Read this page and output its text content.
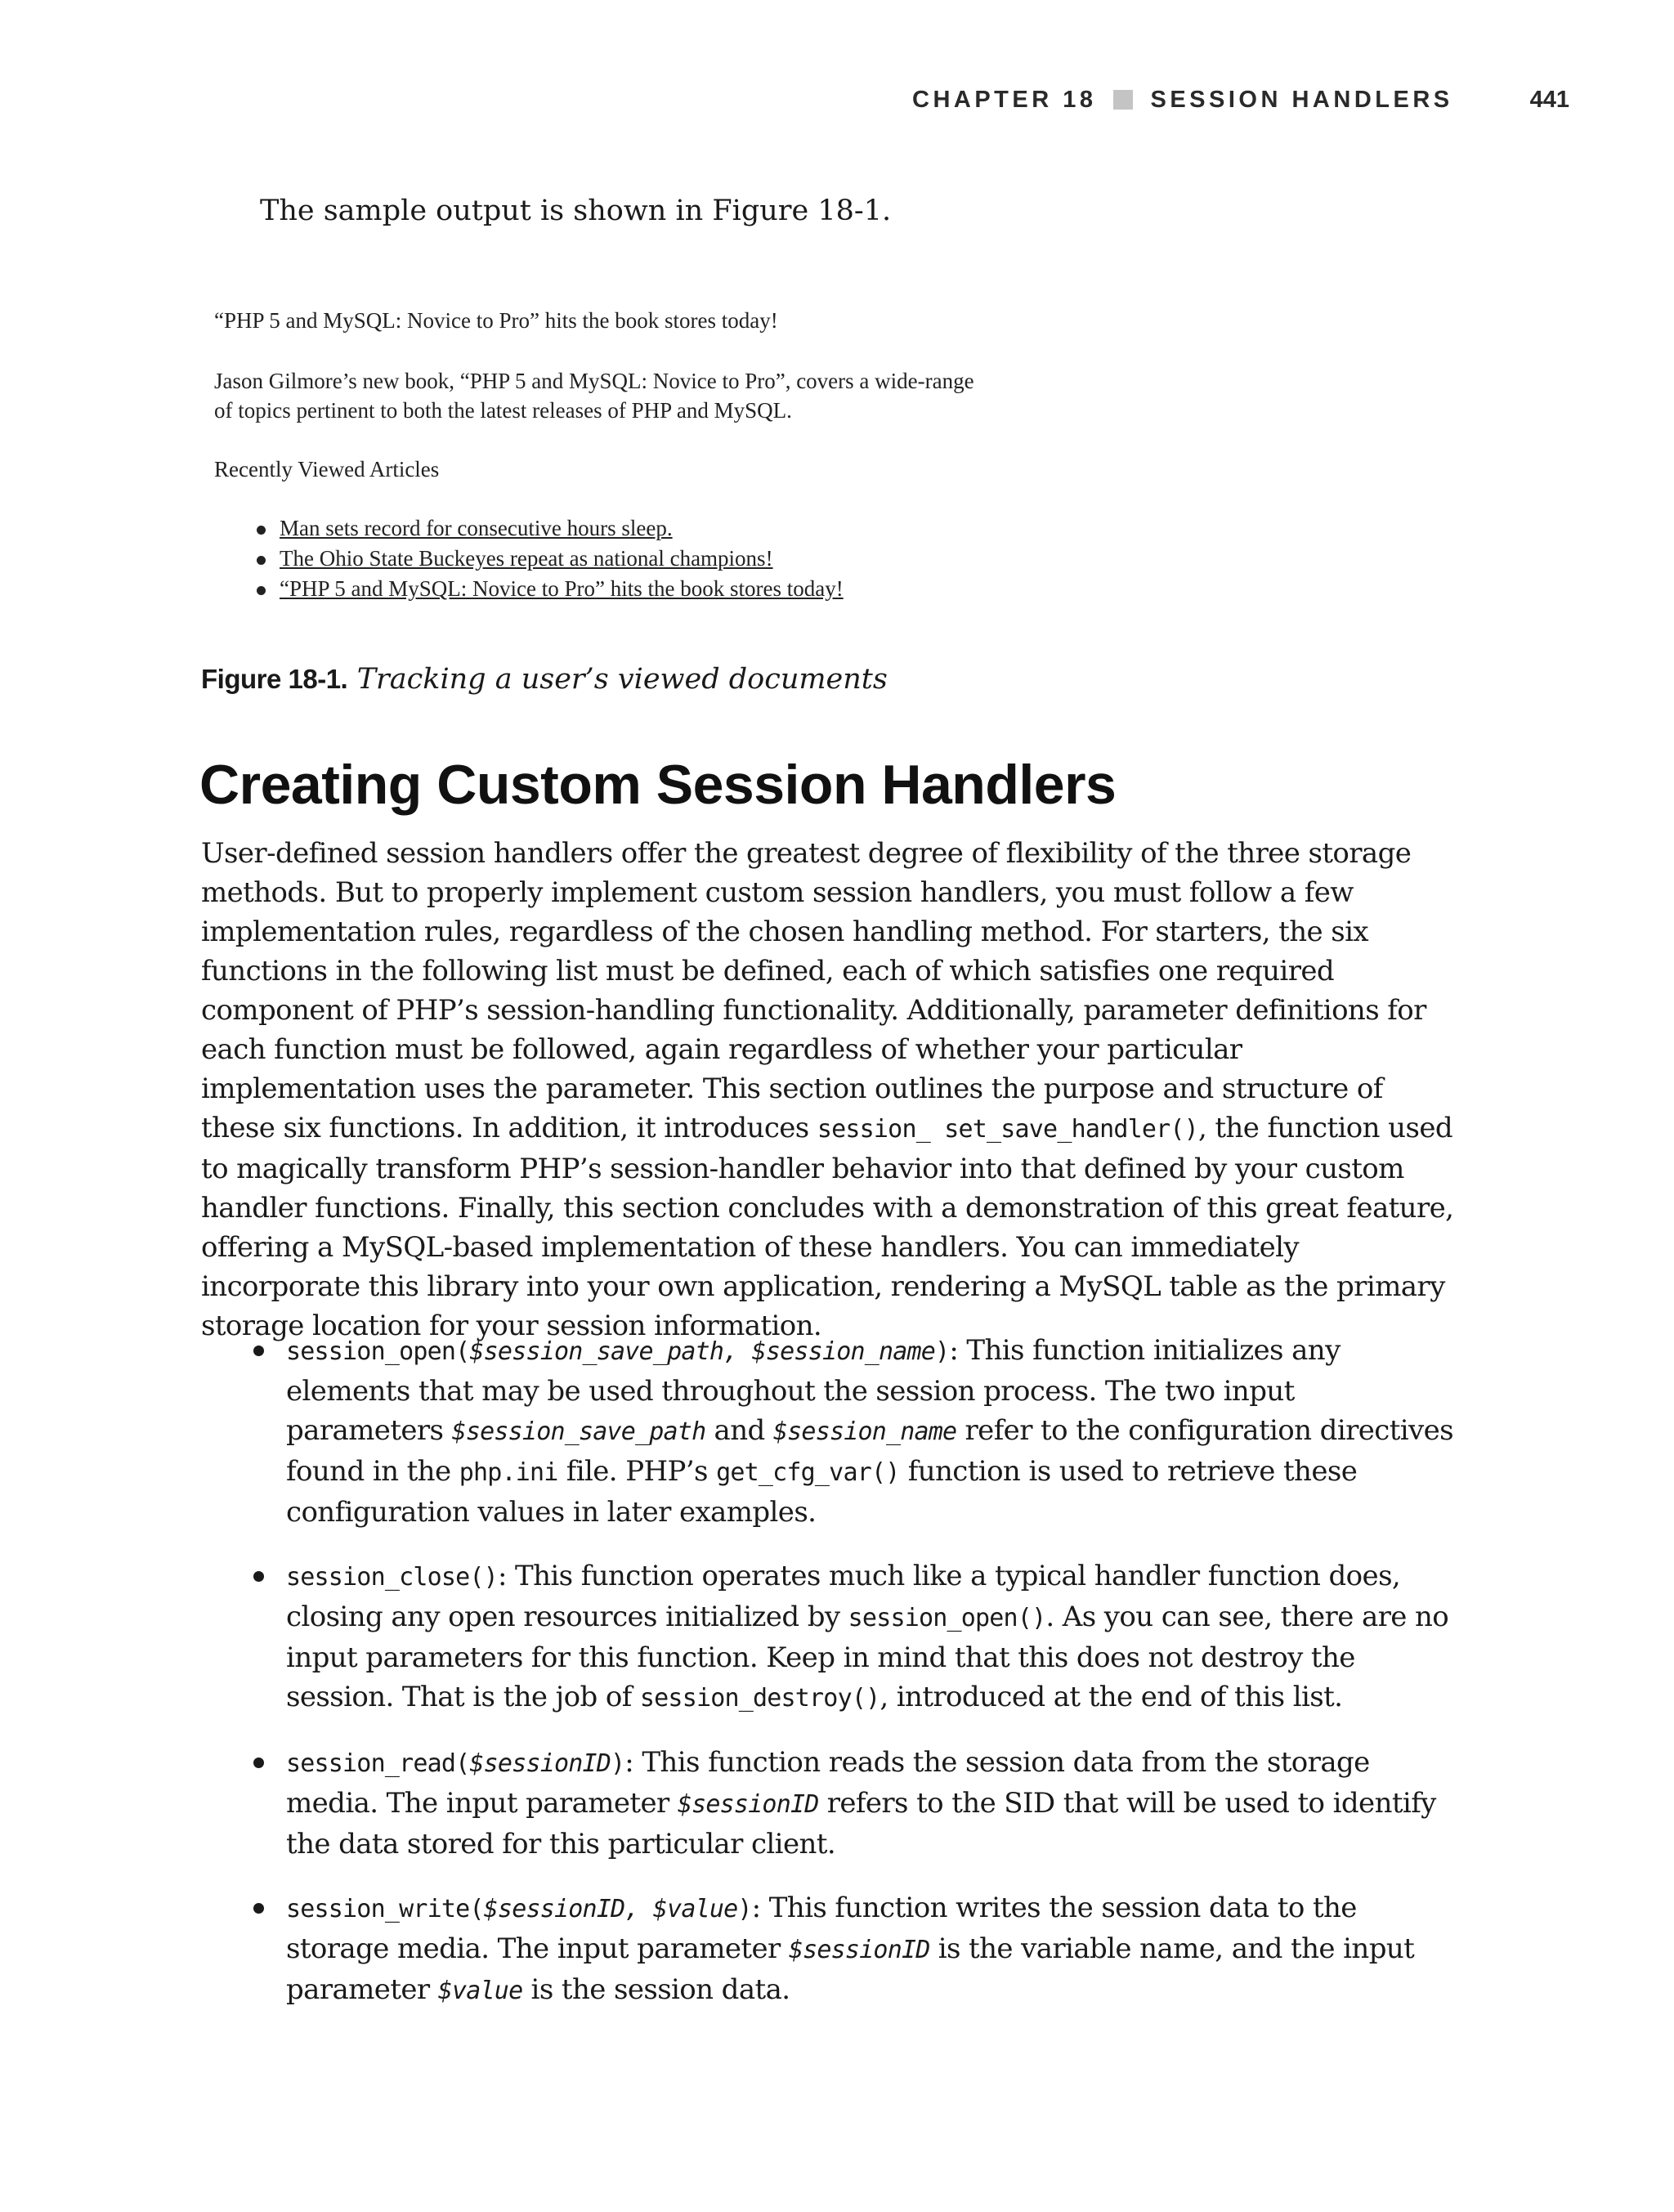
CHAPTER 18 SESSION HANDLERS	441
The sample output is shown in Figure 18-1.
“PHP 5 and MySQL: Novice to Pro” hits the book stores today!
Jason Gilmore’s new book, “PHP 5 and MySQL: Novice to Pro”, covers a wide-range
of topics pertinent to both the latest releases of PHP and MySQL.
Recently Viewed Articles
Man sets record for consecutive hours sleep.
The Ohio State Buckeyes repeat as national champions!
“PHP 5 and MySQL: Novice to Pro” hits the book stores today!
Figure 18-1. Tracking a user’s viewed documents
Creating Custom Session Handlers

User-defined session handlers offer the greatest degree of flexibility of the three storage methods. But to properly implement custom session handlers, you must follow a few implementation rules, regardless of the chosen handling method. For starters, the six functions in the following list must be defined, each of which satisfies one required component of PHP’s session-handling functionality. Additionally, parameter definitions for each function must be followed, again regardless of whether your particular implementation uses the parameter. This section outlines the purpose and structure of these six functions. In addition, it introduces session_ set_save_handler(), the function used to magically transform PHP’s session-handler behavior into that defined by your custom handler functions. Finally, this section concludes with a demonstration of this great feature, offering a MySQL-based implementation of these handlers. You can immediately incorporate this library into your own application, rendering a MySQL table as the primary storage location for your session information.

session_open($session_save_path, $session_name): This function initializes any elements that may be used throughout the session process. The two input parameters $session_save_path and $session_name refer to the configuration directives found in the php.ini file. PHP’s get_cfg_var() function is used to retrieve these configuration values in later examples.
session_close(): This function operates much like a typical handler function does, closing any open resources initialized by session_open(). As you can see, there are no input parameters for this function. Keep in mind that this does not destroy the session. That is the job of session_destroy(), introduced at the end of this list.
session_read($sessionID): This function reads the session data from the storage media. The input parameter $sessionID refers to the SID that will be used to identify the data stored for this particular client.
session_write($sessionID, $value): This function writes the session data to the storage media. The input parameter $sessionID is the variable name, and the input parameter $value is the session data.
